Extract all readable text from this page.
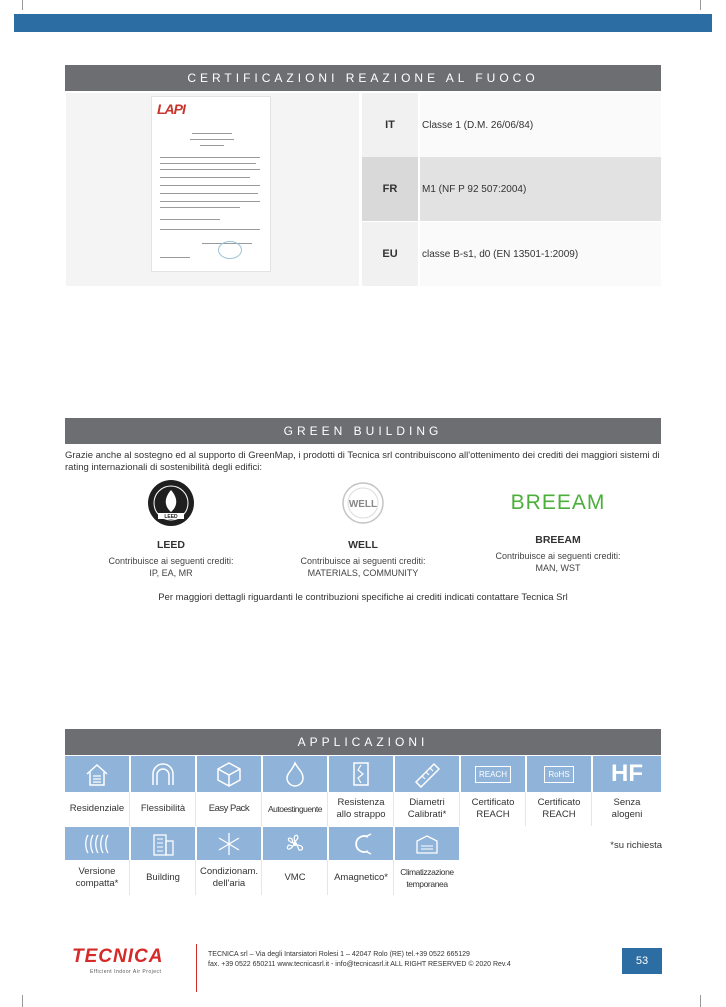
CERTIFICAZIONI REAZIONE AL FUOCO
LAPI
IT	Classe 1 (D.M. 26/06/84)
FR	M1 (NF P 92 507:2004)
EU	classe B-s1, d0 (EN 13501-1:2009)
GREEN BUILDING
Grazie anche al sostegno ed al supporto di GreenMap, i prodotti di Tecnica srl contribuiscono all'ottenimento dei crediti dei maggiori sistemi di rating internazionali di sostenibilità degli edifici:
LEED
LEED
Contribuisce ai seguenti crediti:
IP, EA, MR
WELL
WELL
Contribuisce ai seguenti crediti:
MATERIALS, COMMUNITY
BREEAM
BREEAM
Contribuisce ai seguenti crediti:
MAN, WST
Per maggiori dettagli riguardanti le contribuzioni specifiche ai crediti indicati contattare Tecnica Srl
APPLICAZIONI
REACH	RoHS HF
Residenziale Flessibilità Easy Pack Autoestinguente
Resistenza
allo strappo
Diametri
Calibrati*
Certificato
REACH
Certificato
REACH
Senza
alogeni
Versione
compatta*
Building
Condizionam.
dell'aria
VMC	Amagnetico* Climatizzazione
temporanea
*su richiesta
TECNICA
Efficient Indoor Air Project
TECNICA srl – Via degli Intarsiatori Rolesi 1 – 42047 Rolo (RE) tel.+39 0522 665129
fax. +39 0522 650211 www.tecnicasrl.it - info@tecnicasrl.it ALL RIGHT RESERVED © 2020 Rev.4	53
